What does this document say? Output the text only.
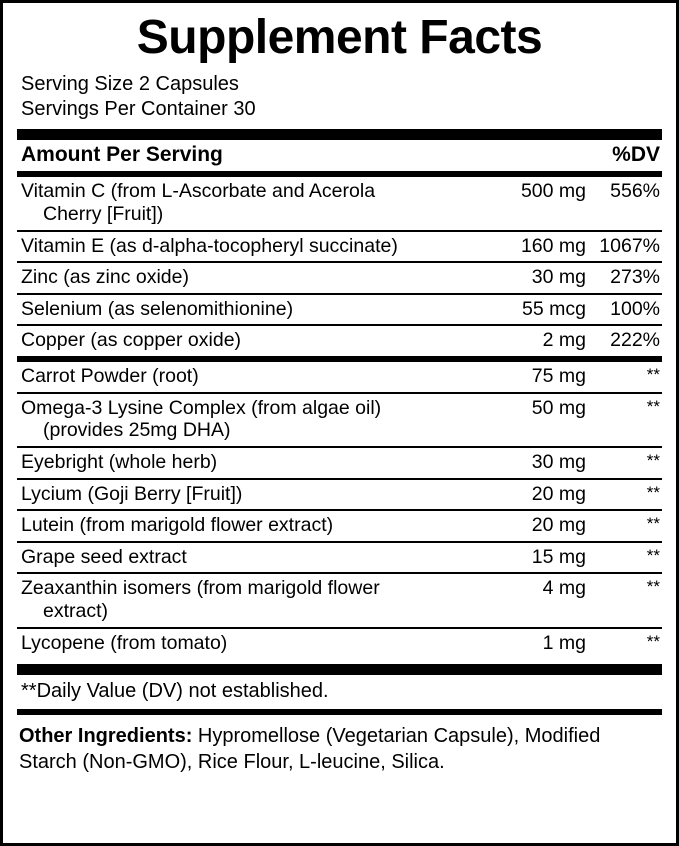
Supplement Facts
Serving Size 2 Capsules
Servings Per Container 30
Amount Per Serving		%DV

Vitamin C (from L-Ascorbate and Acerola
Cherry [Fruit])	500 mg	556%

Vitamin E (as d-alpha-tocopheryl succinate)	160 mg	1067%

Zinc (as zinc oxide)	30 mg	273%

Selenium (as selenomithionine)	55 mcg	100%

Copper (as copper oxide)	2 mg	222%

Carrot Powder (root)	75 mg	**

Omega-3 Lysine Complex (from algae oil)
(provides 25mg DHA)	50 mg	**

Eyebright (whole herb)	30 mg	**

Lycium (Goji Berry [Fruit])	20 mg	**

Lutein (from marigold flower extract)	20 mg	**

Grape seed extract	15 mg	**

Zeaxanthin isomers (from marigold flower
extract)	4 mg	**

Lycopene (from tomato)	1 mg	**
**Daily Value (DV) not established.
Other Ingredients: Hypromellose (Vegetarian Capsule), Modified Starch (Non-GMO), Rice Flour, L-leucine, Silica.
